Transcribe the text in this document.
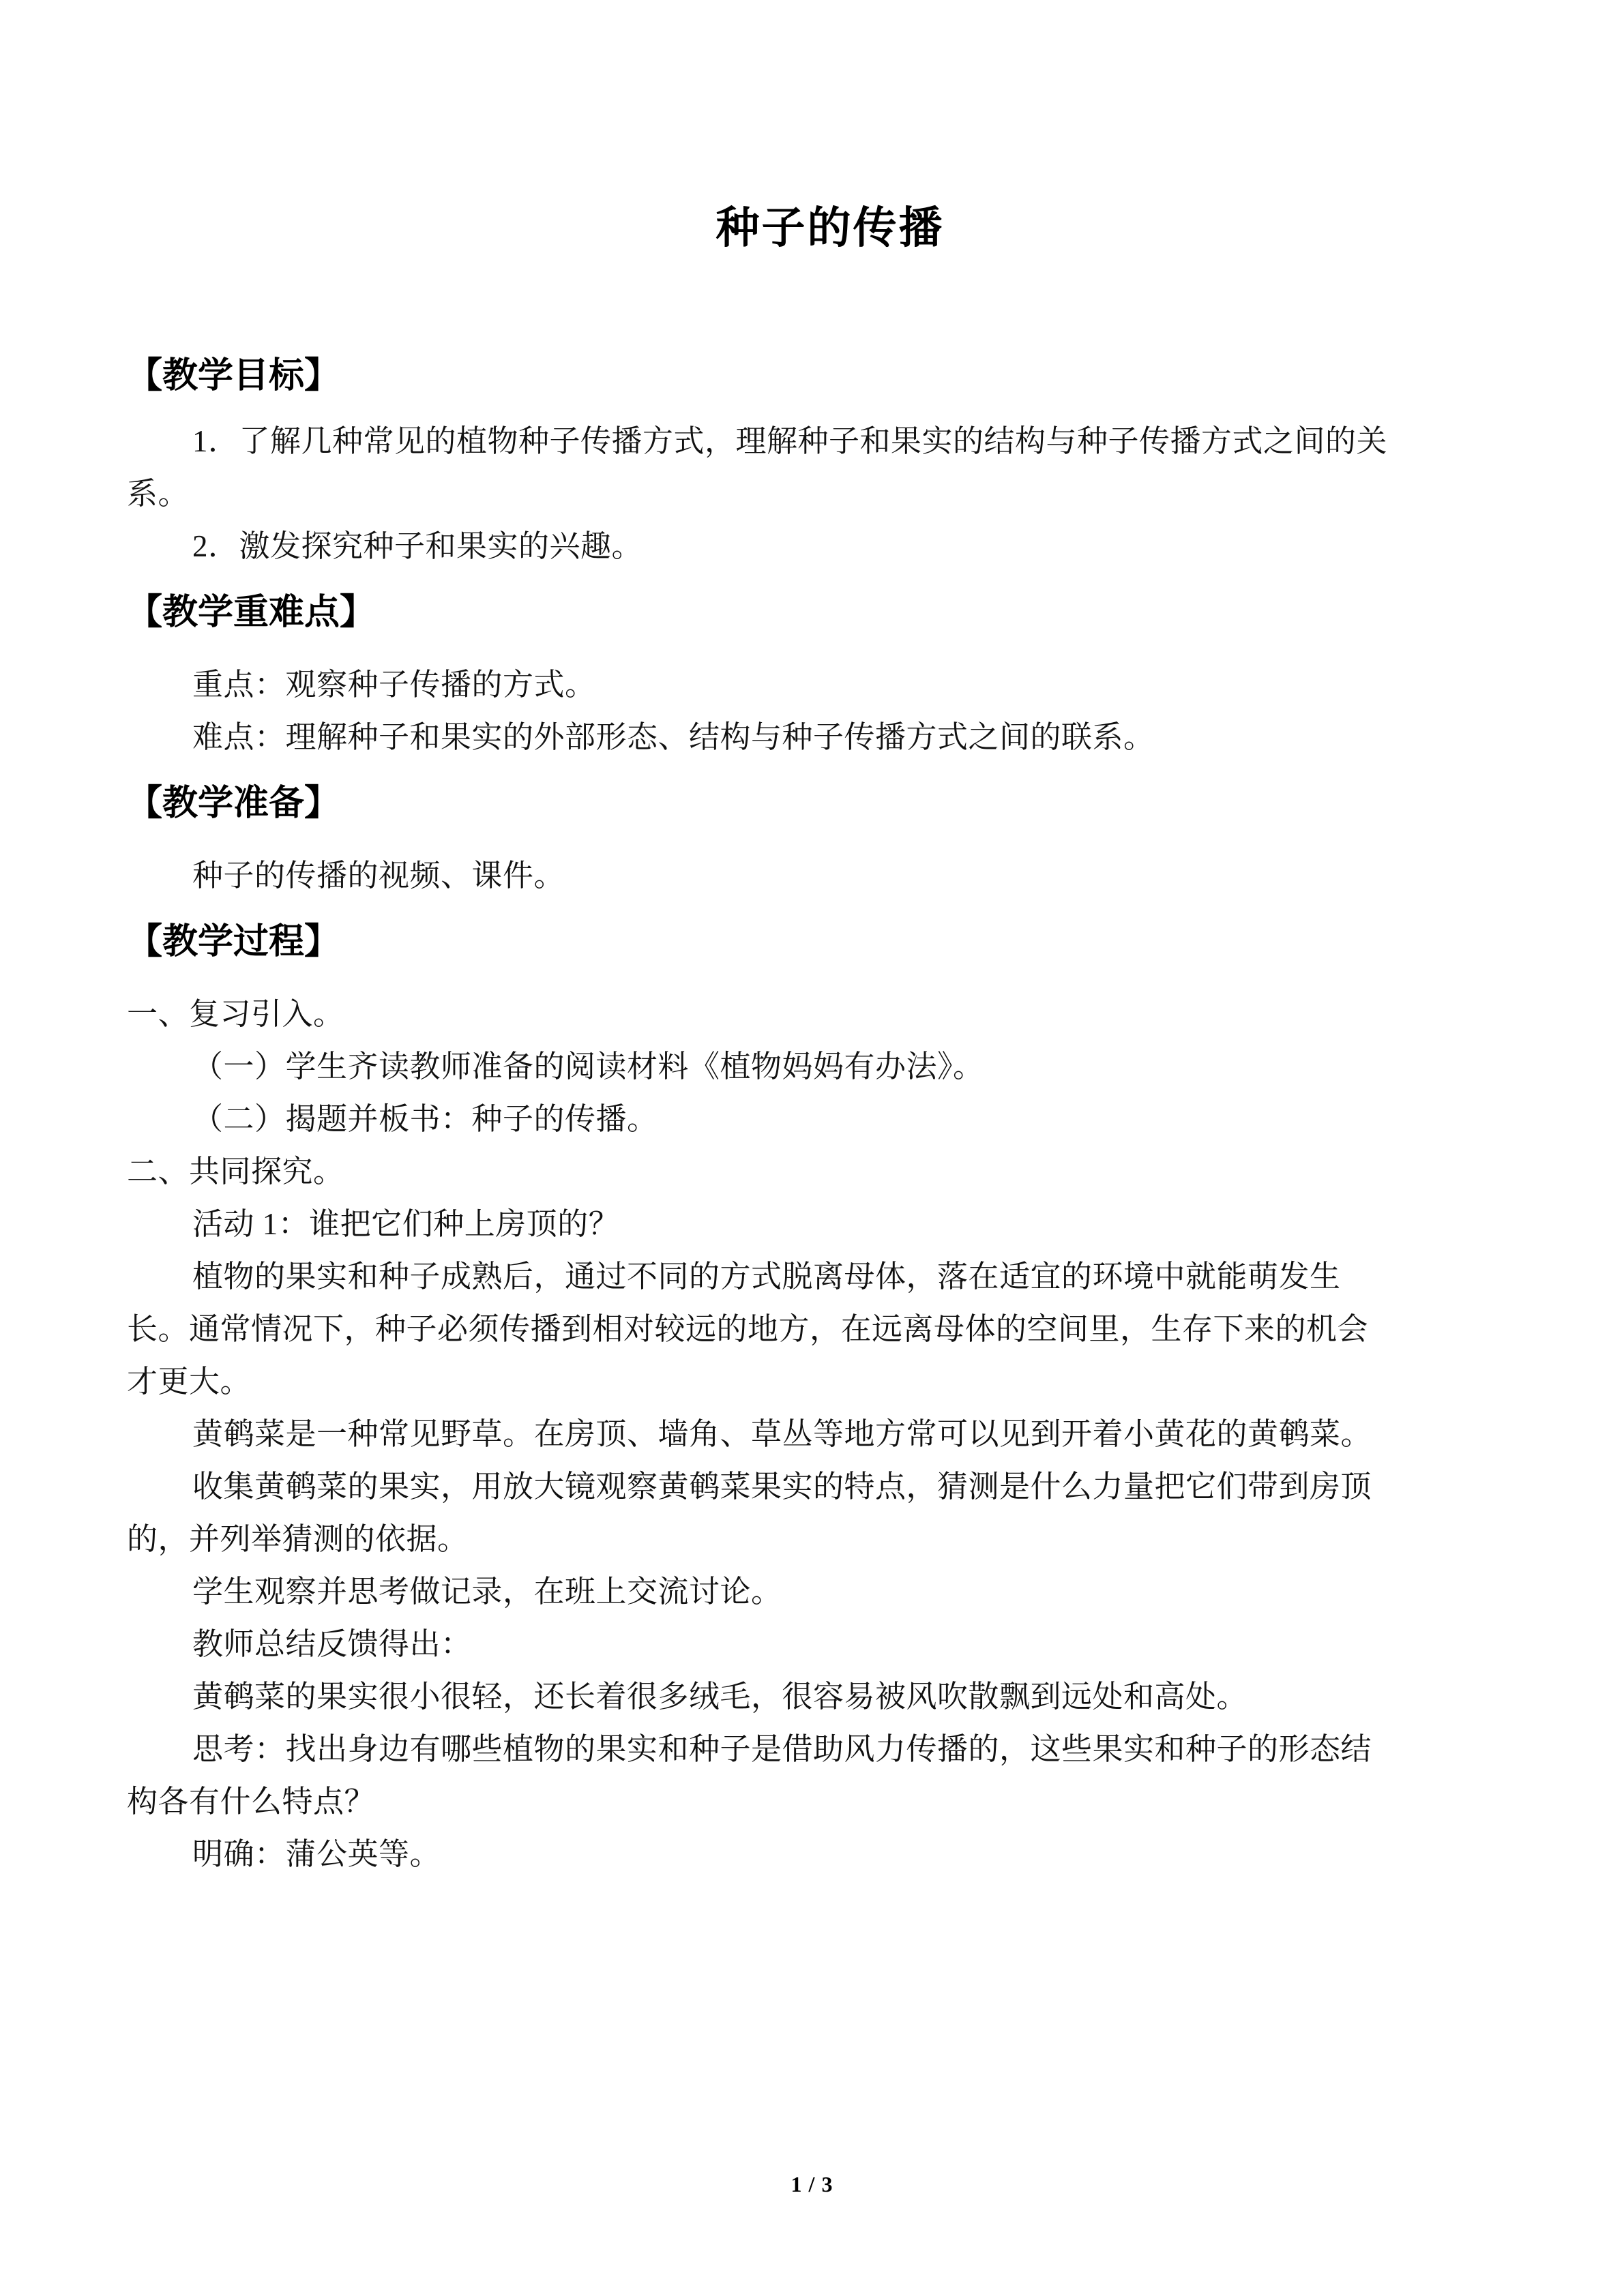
种子的传播
【教学目标】
1．了解几种常见的植物种子传播方式，理解种子和果实的结构与种子传播方式之间的关
系。
2．激发探究种子和果实的兴趣。
【教学重难点】
重点：观察种子传播的方式。
难点：理解种子和果实的外部形态、结构与种子传播方式之间的联系。
【教学准备】
种子的传播的视频、课件。
【教学过程】
一、复习引入。
（一）学生齐读教师准备的阅读材料《植物妈妈有办法》。
（二）揭题并板书：种子的传播。
二、共同探究。
活动 1：谁把它们种上房顶的？
植物的果实和种子成熟后，通过不同的方式脱离母体，落在适宜的环境中就能萌发生
长。通常情况下，种子必须传播到相对较远的地方，在远离母体的空间里，生存下来的机会
才更大。
黄鹌菜是一种常见野草。在房顶、墙角、草丛等地方常可以见到开着小黄花的黄鹌菜。
收集黄鹌菜的果实，用放大镜观察黄鹌菜果实的特点，猜测是什么力量把它们带到房顶
的，并列举猜测的依据。
学生观察并思考做记录，在班上交流讨论。
教师总结反馈得出：
黄鹌菜的果实很小很轻，还长着很多绒毛，很容易被风吹散飘到远处和高处。
思考：找出身边有哪些植物的果实和种子是借助风力传播的，这些果实和种子的形态结
构各有什么特点？
明确：蒲公英等。
1 / 3
